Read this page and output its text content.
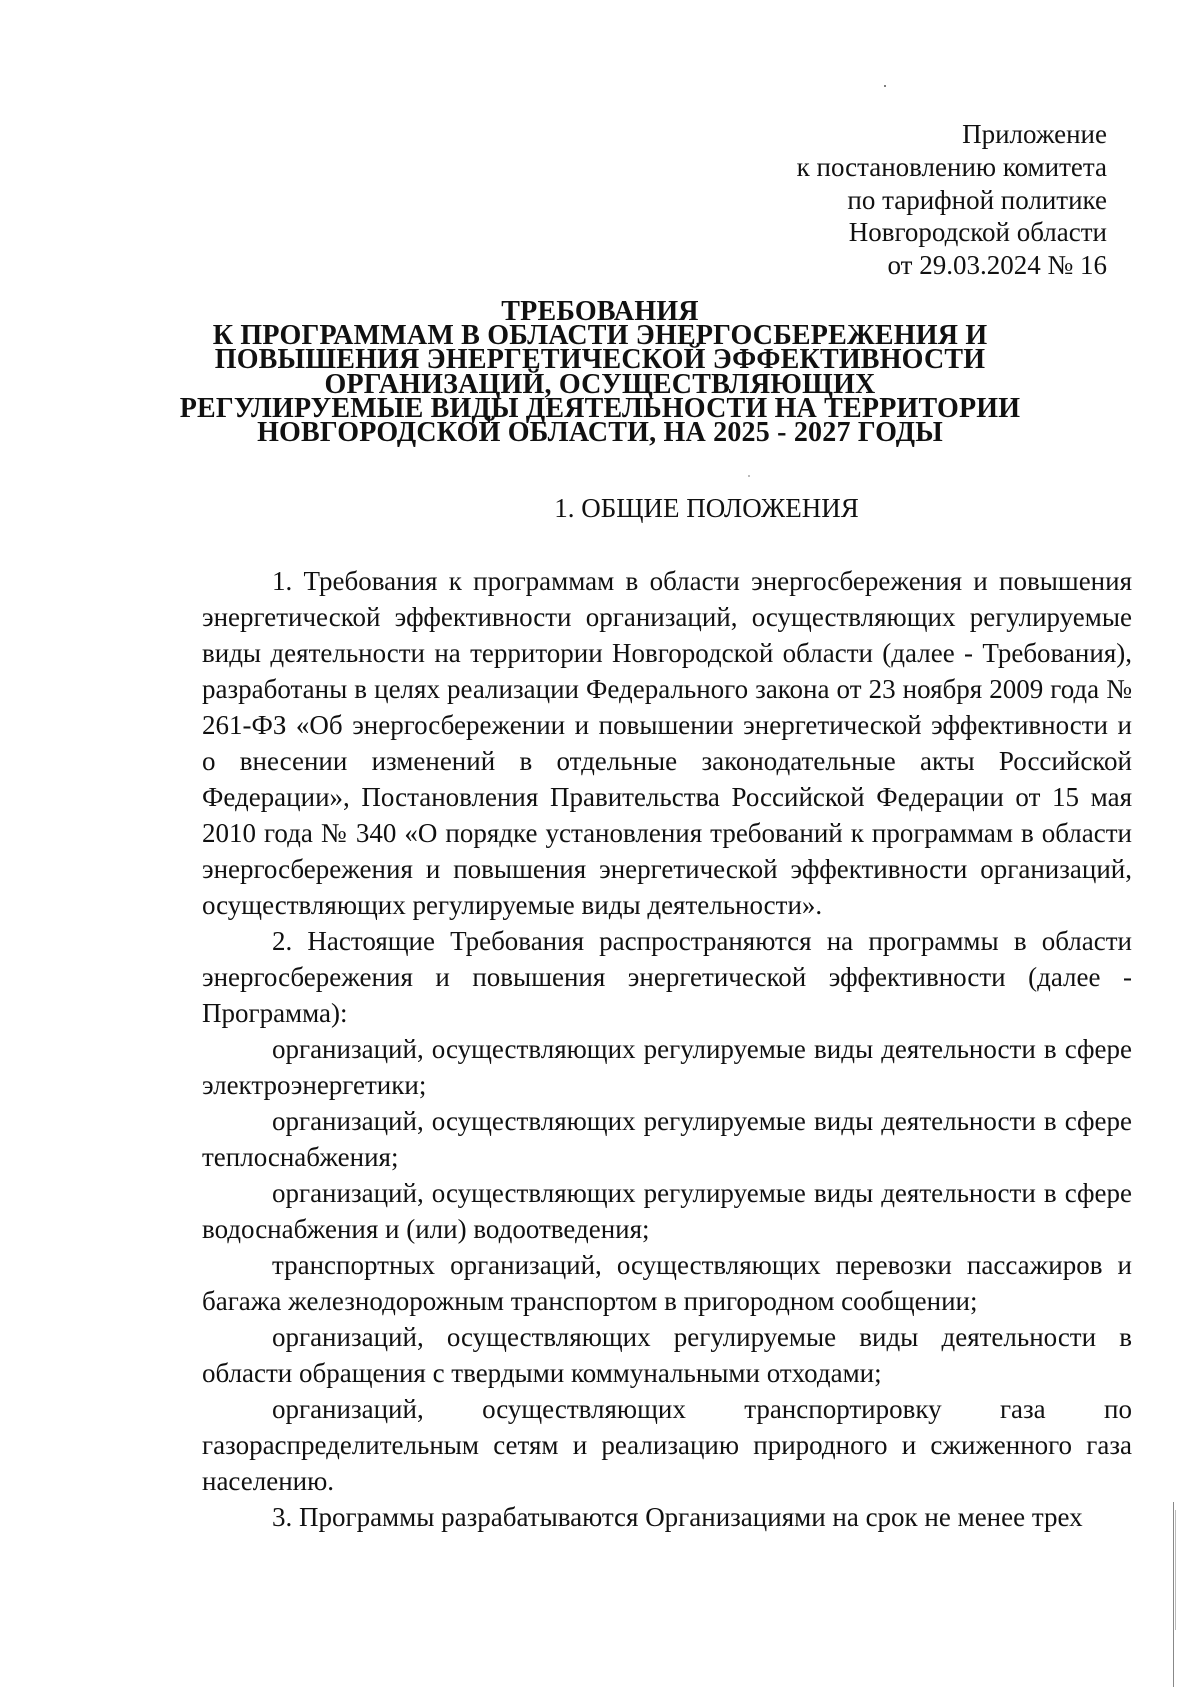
Приложение
к постановлению комитета
по тарифной политике
Новгородской области
от 29.03.2024 № 16
ТРЕБОВАНИЯ
К ПРОГРАММАМ В ОБЛАСТИ ЭНЕРГОСБЕРЕЖЕНИЯ И
ПОВЫШЕНИЯ ЭНЕРГЕТИЧЕСКОЙ ЭФФЕКТИВНОСТИ
ОРГАНИЗАЦИЙ, ОСУЩЕСТВЛЯЮЩИХ
РЕГУЛИРУЕМЫЕ ВИДЫ ДЕЯТЕЛЬНОСТИ НА ТЕРРИТОРИИ
НОВГОРОДСКОЙ ОБЛАСТИ, НА 2025 - 2027 ГОДЫ
1. ОБЩИЕ ПОЛОЖЕНИЯ

1. Требования к программам в области энергосбережения и повышения энергетической эффективности организаций, осуществляющих регулируемые виды деятельности на территории Новгородской области (далее - Требования), разработаны в целях реализации Федерального закона от 23 ноября 2009 года № 261-ФЗ «Об энергосбережении и повышении энергетической эффективности и о внесении изменений в отдельные законодательные акты Российской Федерации», Постановления Правительства Российской Федерации от 15 мая 2010 года № 340 «О порядке установления требований к программам в области энергосбережения и повышения энергетической эффективности организаций, осуществляющих регулируемые виды деятельности».

2. Настоящие Требования распространяются на программы в области энергосбережения и повышения энергетической эффективности (далее - Программа):

организаций, осуществляющих регулируемые виды деятельности в сфере электроэнергетики;

организаций, осуществляющих регулируемые виды деятельности в сфере теплоснабжения;

организаций, осуществляющих регулируемые виды деятельности в сфере водоснабжения и (или) водоотведения;

транспортных организаций, осуществляющих перевозки пассажиров и багажа железнодорожным транспортом в пригородном сообщении;

организаций, осуществляющих регулируемые виды деятельности в области обращения с твердыми коммунальными отходами;

организаций, осуществляющих транспортировку газа по газораспределительным сетям и реализацию природного и сжиженного газа населению.

3. Программы разрабатываются Организациями на срок не менее трех
